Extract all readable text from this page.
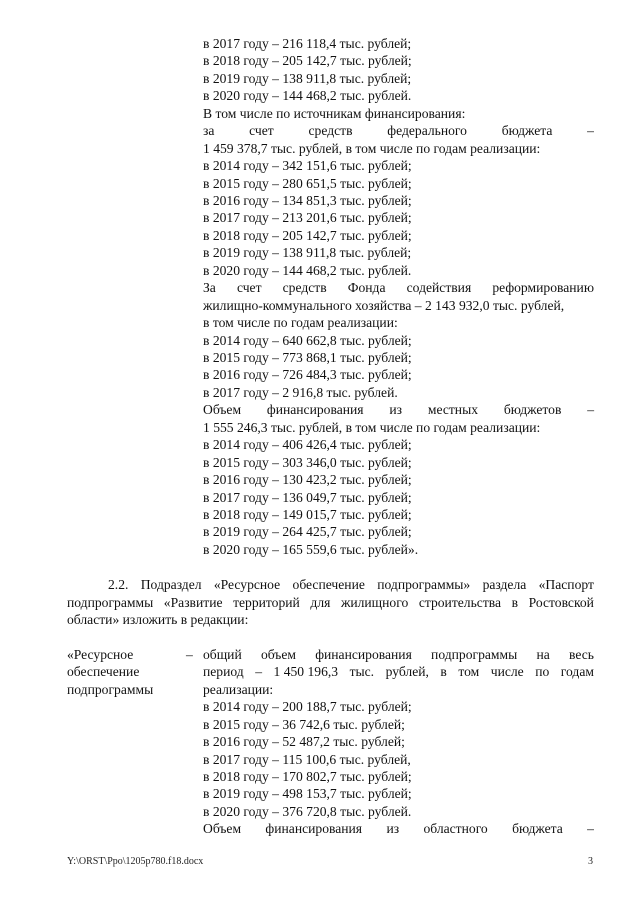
в 2017 году – 216 118,4 тыс. рублей;
в 2018 году – 205 142,7 тыс. рублей;
в 2019 году – 138 911,8 тыс. рублей;
в 2020 году – 144 468,2 тыс. рублей.
В том числе по источникам финансирования:
за	счет	средств	федерального	бюджета	–
1 459 378,7 тыс. рублей, в том числе по годам реализации:
в 2014 году – 342 151,6 тыс. рублей;
в 2015 году – 280 651,5 тыс. рублей;
в 2016 году – 134 851,3 тыс. рублей;
в 2017 году – 213 201,6 тыс. рублей;
в 2018 году – 205 142,7 тыс. рублей;
в 2019 году – 138 911,8 тыс. рублей;
в 2020 году – 144 468,2 тыс. рублей.
За счет средств Фонда содействия реформированию
жилищно-коммунального хозяйства – 2 143 932,0 тыс. рублей,
в том числе по годам реализации:
в 2014 году – 640 662,8 тыс. рублей;
в 2015 году – 773 868,1 тыс. рублей;
в 2016 году – 726 484,3 тыс. рублей;
в 2017 году – 2 916,8 тыс. рублей.
Объем финансирования из местных бюджетов –
1 555 246,3 тыс. рублей, в том числе по годам реализации:
в 2014 году – 406 426,4 тыс. рублей;
в 2015 году – 303 346,0 тыс. рублей;
в 2016 году – 130 423,2 тыс. рублей;
в 2017 году – 136 049,7 тыс. рублей;
в 2018 году – 149 015,7 тыс. рублей;
в 2019 году – 264 425,7 тыс. рублей;
в 2020 году – 165 559,6 тыс. рублей».
2.2. Подраздел «Ресурсное обеспечение подпрограммы» раздела «Паспорт
подпрограммы «Развитие территорий для жилищного строительства в Ростовской
области» изложить в редакции:
«Ресурсное
обеспечение
подпрограммы
– общий объем финансирования подпрограммы на весь
период – 1 450 196,3 тыс. рублей, в том числе по годам
реализации:
в 2014 году – 200 188,7 тыс. рублей;
в 2015 году – 36 742,6 тыс. рублей;
в 2016 году – 52 487,2 тыс. рублей;
в 2017 году – 115 100,6 тыс. рублей,
в 2018 году – 170 802,7 тыс. рублей;
в 2019 году – 498 153,7 тыс. рублей;
в 2020 году – 376 720,8 тыс. рублей.
Объем финансирования из областного бюджета –
Y:\ORST\Ppo\1205p780.f18.docx	3
